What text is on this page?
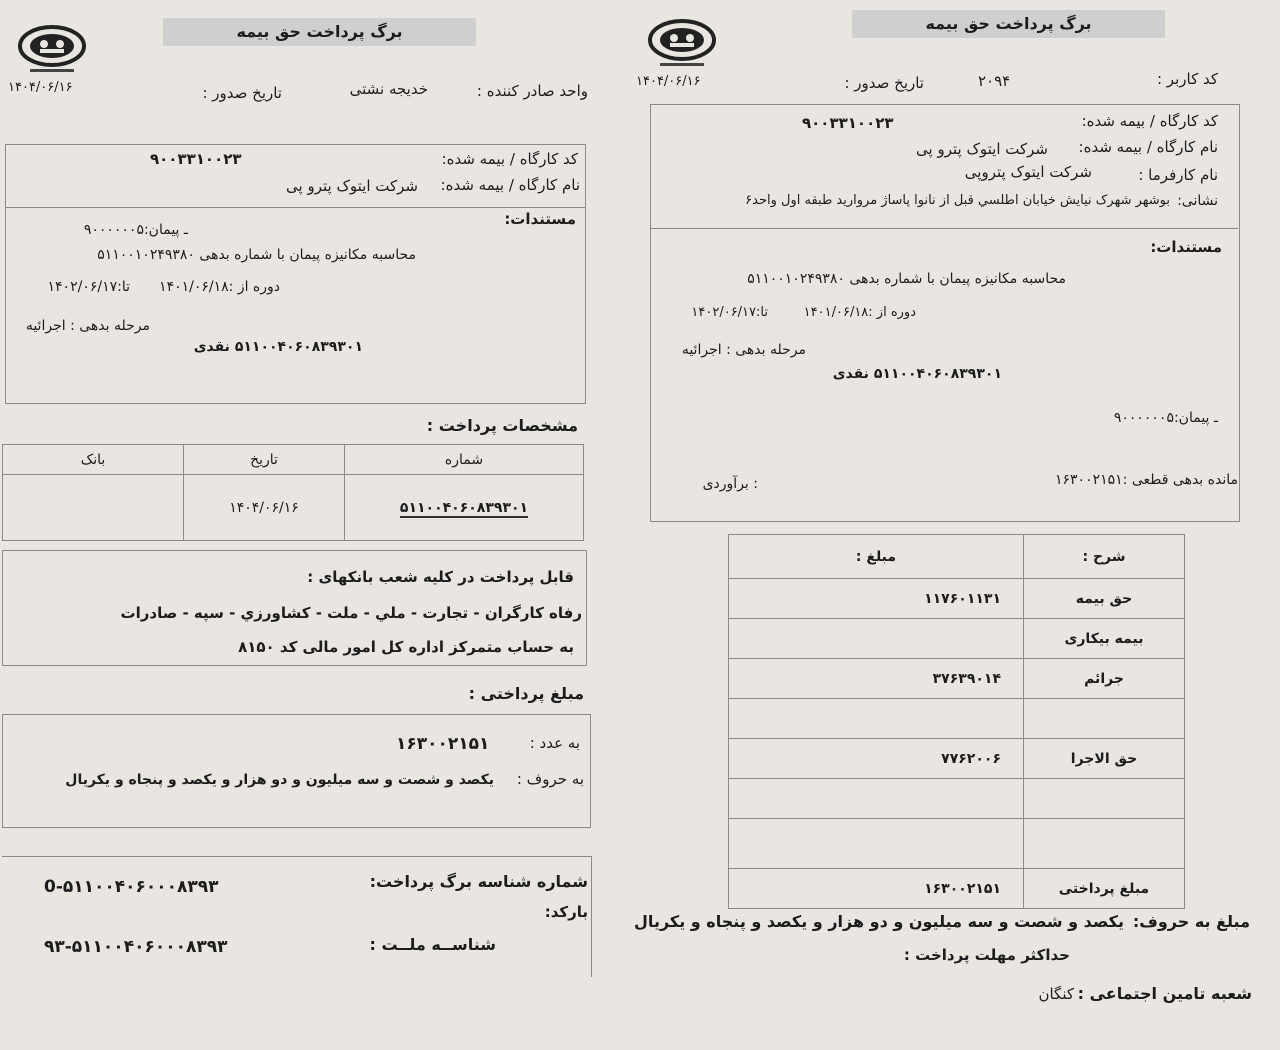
۱۴۰۴/۰۶/۱۶
برگ پرداخت حق بیمه
واحد صادر کننده :
خدیجه نشتی
تاریخ صدور :
کد کارگاه / بیمه شده:
۹۰۰۳۳۱۰۰۲۳
نام کارگاه / بیمه شده:
شرکت ایتوک پترو پی
مستندات:
ـ پیمان:۹۰۰۰۰۰۰۵
محاسبه مکانیزه پیمان با شماره بدهی ۵۱۱۰۰۱۰۲۴۹۳۸۰
دوره از :۱۴۰۱/۰۶/۱۸
تا:۱۴۰۲/۰۶/۱۷
مرحله بدهی : اجرائیه
۵۱۱۰۰۴۰۶۰۸۳۹۳۰۱ نقدی
مشخصات پرداخت :
بانک	تاریخ	شماره
	۱۴۰۴/۰۶/۱۶	۵۱۱۰۰۴۰۶۰۸۳۹۳۰۱
قابل پرداخت در کلیه شعب بانکهای :
رفاه کارگران - تجارت - ملي - ملت - کشاورزي - سپه - صادرات
به حساب متمرکز اداره کل امور مالی کد ۸۱۵۰
مبلغ پرداختی :
به عدد :
۱۶۳۰۰۲۱۵۱
به حروف :
یکصد و شصت و سه میلیون و دو هزار و یکصد و پنجاه و یکریال
شماره شناسه برگ پرداخت:
0-۵۱۱۰۰۴۰۶۰۰۰۸۳۹۳
بارکد:
شناســه ملــت :
۹۳-۵۱۱۰۰۴۰۶۰۰۰۸۳۹۳
۱۴۰۴/۰۶/۱۶
برگ پرداخت حق بیمه
کد کاربر :
۲۰۹۴
تاریخ صدور :
کد کارگاه / بیمه شده:
۹۰۰۳۳۱۰۰۲۳
نام کارگاه / بیمه شده:
شرکت ایتوک پترو پی
نام کارفرما :
شرکت ایتوک پتروپی
نشانی:
بوشهر شهرک نیایش خیابان اطلسي قبل از نانوا پاساژ مروارید طبقه اول واحد۶
مستندات:
محاسبه مکانیزه پیمان با شماره بدهی ۵۱۱۰۰۱۰۲۴۹۳۸۰
دوره از :۱۴۰۱/۰۶/۱۸
تا:۱۴۰۲/۰۶/۱۷
مرحله بدهی : اجرائیه
۵۱۱۰۰۴۰۶۰۸۳۹۳۰۱ نقدی
ـ پیمان:۹۰۰۰۰۰۰۵
مانده بدهی قطعی :۱۶۳۰۰۲۱۵۱
: برآوردی
مبلغ :	شرح :
۱۱۷۶۰۱۱۳۱	حق بیمه
	بیمه بیکاری
۳۷۶۳۹۰۱۴	جرائم

۷۷۶۲۰۰۶	حق الاجرا

۱۶۳۰۰۲۱۵۱	مبلغ پرداختی
مبلغ به حروف:
یکصد و شصت و سه میلیون و دو هزار و یکصد و پنجاه و یکریال
حداکثر مهلت پرداخت :
شعبه تامین اجتماعی :
کنگان
